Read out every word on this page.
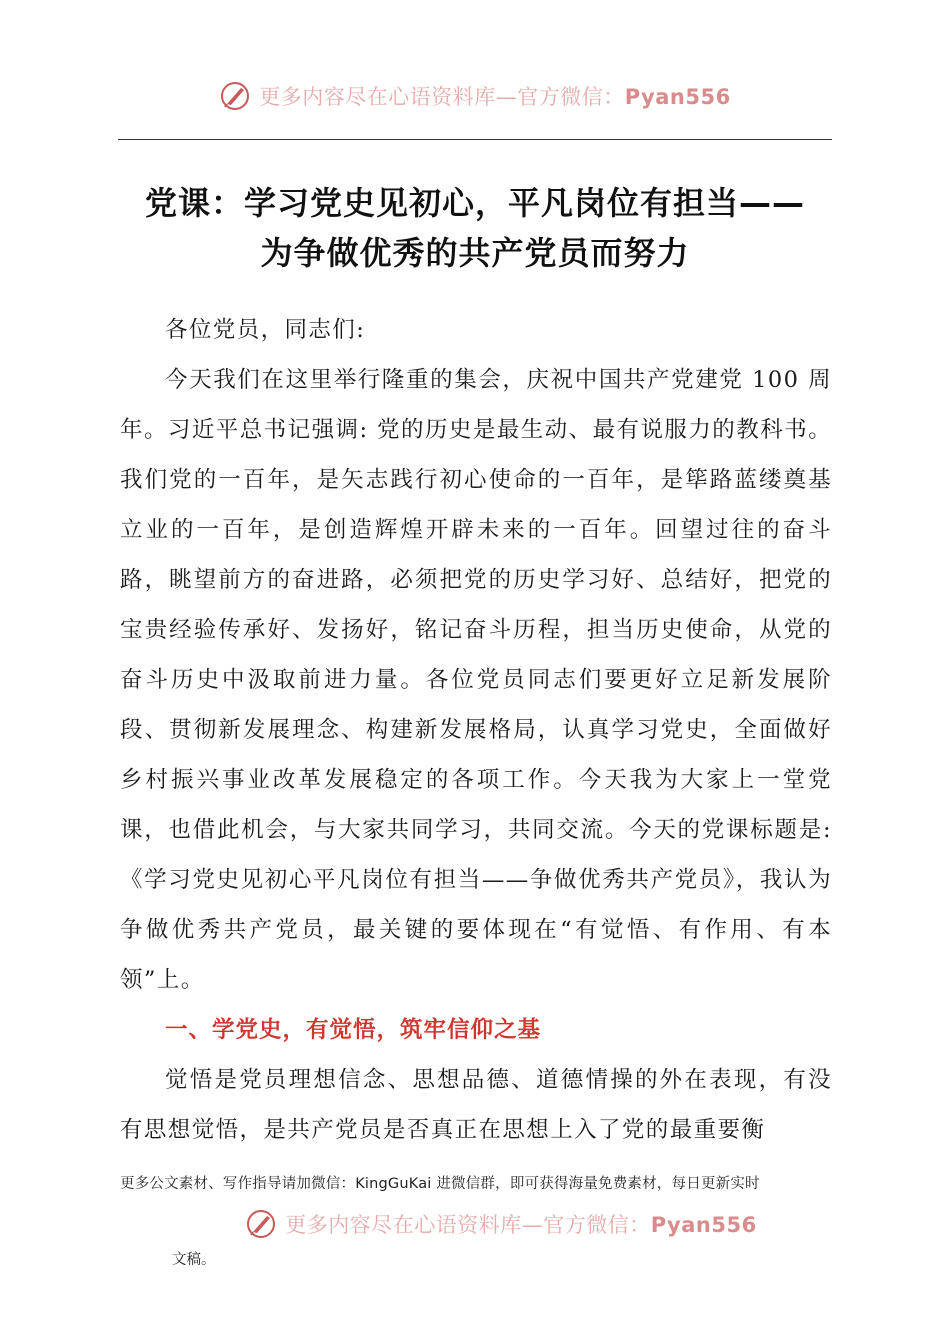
更多内容尽在心语资料库—官方微信：Pyan556
党课：学习党史见初心，平凡岗位有担当——
为争做优秀的共产党员而努力

各位党员，同志们:

今天我们在这里举行隆重的集会，庆祝中国共产党建党 100 周年。习近平总书记强调: 党的历史是最生动、最有说服力的教科书。我们党的一百年，是矢志践行初心使命的一百年，是筚路蓝缕奠基立业的一百年，是创造辉煌开辟未来的一百年。回望过往的奋斗路，眺望前方的奋进路，必须把党的历史学习好、总结好，把党的宝贵经验传承好、发扬好，铭记奋斗历程，担当历史使命，从党的奋斗历史中汲取前进力量。各位党员同志们要更好立足新发展阶段、贯彻新发展理念、构建新发展格局，认真学习党史，全面做好乡村振兴事业改革发展稳定的各项工作。今天我为大家上一堂党课，也借此机会，与大家共同学习，共同交流。今天的党课标题是: 《学习党史见初心平凡岗位有担当——争做优秀共产党员》，我认为争做优秀共产党员，最关键的要体现在“有觉悟、有作用、有本领”上。

一、学党史，有觉悟，筑牢信仰之基

觉悟是党员理想信念、思想品德、道德情操的外在表现，有没有思想觉悟，是共产党员是否真正在思想上入了党的最重要衡

更多公文素材、写作指导请加微信：KingGuKai 进微信群，即可获得海量免费素材，每日更新实时
更多内容尽在心语资料库—官方微信：Pyan556
文稿。
